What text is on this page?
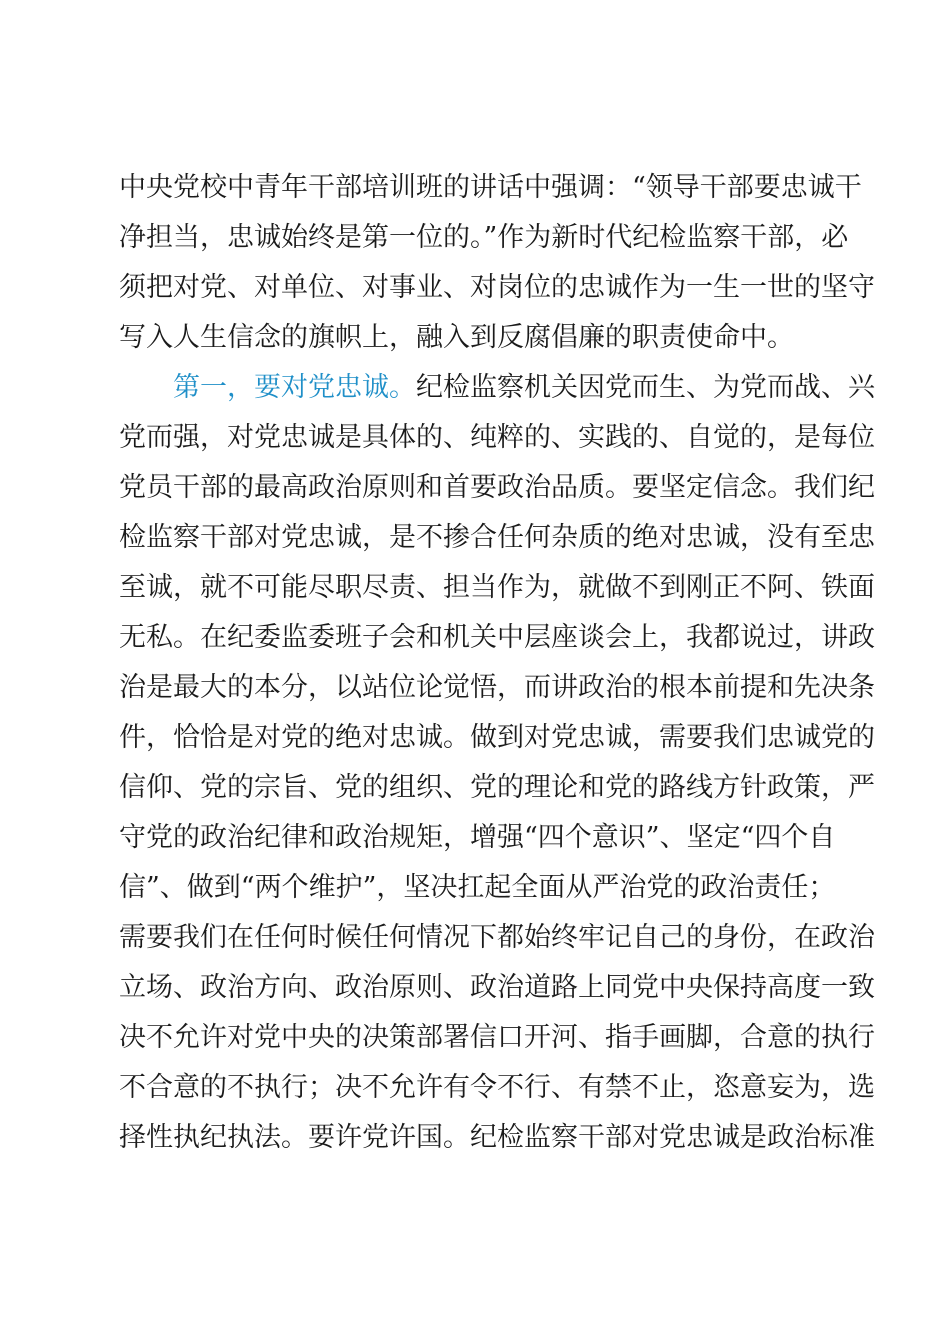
中央党校中青年干部培训班的讲话中强调：“领导干部要忠诚干
净担当，忠诚始终是第一位的。”作为新时代纪检监察干部，必
须把对党、对单位、对事业、对岗位的忠诚作为一生一世的坚守
写入人生信念的旗帜上，融入到反腐倡廉的职责使命中。
第一，要对党忠诚。纪检监察机关因党而生、为党而战、兴
党而强，对党忠诚是具体的、纯粹的、实践的、自觉的，是每位
党员干部的最高政治原则和首要政治品质。要坚定信念。我们纪
检监察干部对党忠诚，是不掺合任何杂质的绝对忠诚，没有至忠
至诚，就不可能尽职尽责、担当作为，就做不到刚正不阿、铁面
无私。在纪委监委班子会和机关中层座谈会上，我都说过，讲政
治是最大的本分，以站位论觉悟，而讲政治的根本前提和先决条
件，恰恰是对党的绝对忠诚。做到对党忠诚，需要我们忠诚党的
信仰、党的宗旨、党的组织、党的理论和党的路线方针政策，严
守党的政治纪律和政治规矩，增强“四个意识”、坚定“四个自
信”、做到“两个维护”，坚决扛起全面从严治党的政治责任；
需要我们在任何时候任何情况下都始终牢记自己的身份，在政治
立场、政治方向、政治原则、政治道路上同党中央保持高度一致
决不允许对党中央的决策部署信口开河、指手画脚，合意的执行
不合意的不执行；决不允许有令不行、有禁不止，恣意妄为，选
择性执纪执法。要许党许国。纪检监察干部对党忠诚是政治标准
